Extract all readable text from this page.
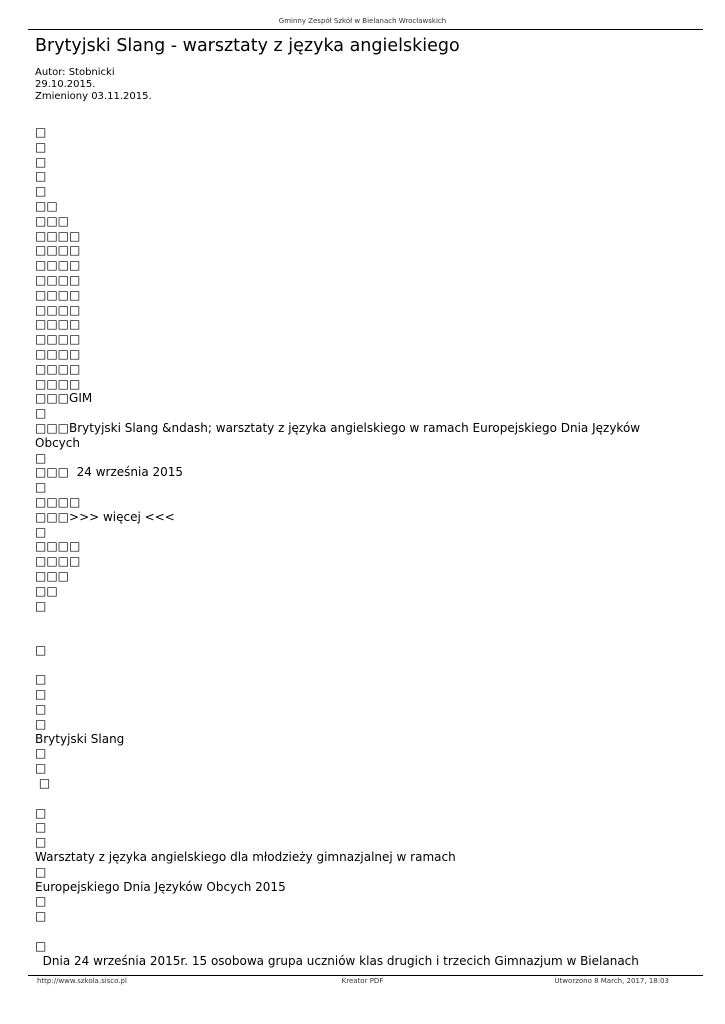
Gminny Zespół Szkół w Bielanach Wrocławskich
Brytyjski Slang - warsztaty z języka angielskiego
Autor: Stobnicki
29.10.2015.
Zmieniony 03.11.2015.
□
□
□
□
□
□□
□□□
□□□□
□□□□
□□□□
□□□□
□□□□
□□□□
□□□□
□□□□
□□□□
□□□□
□□□□
□□□GIM
□
□□□Brytyjski Slang &ndash; warsztaty z języka angielskiego w ramach Europejskiego Dnia Języków Obcych
□
□□□  24 września 2015
□
□□□□
□□□>>> więcej <<<
□
□□□□
□□□□
□□□
□□
□
□
□
□
□
□
Brytyjski Slang
□
□
□
□
□
□
Warsztaty z języka angielskiego dla młodzieży gimnazjalnej w ramach
□
Europejskiego Dnia Języków Obcych 2015
□
□
□
Dnia 24 września 2015r. 15 osobowa grupa uczniów klas drugich i trzecich Gimnazjum w Bielanach
http://www.szkola.sisco.pl	Kreator PDF	Utworzono 8 March, 2017, 18:03
